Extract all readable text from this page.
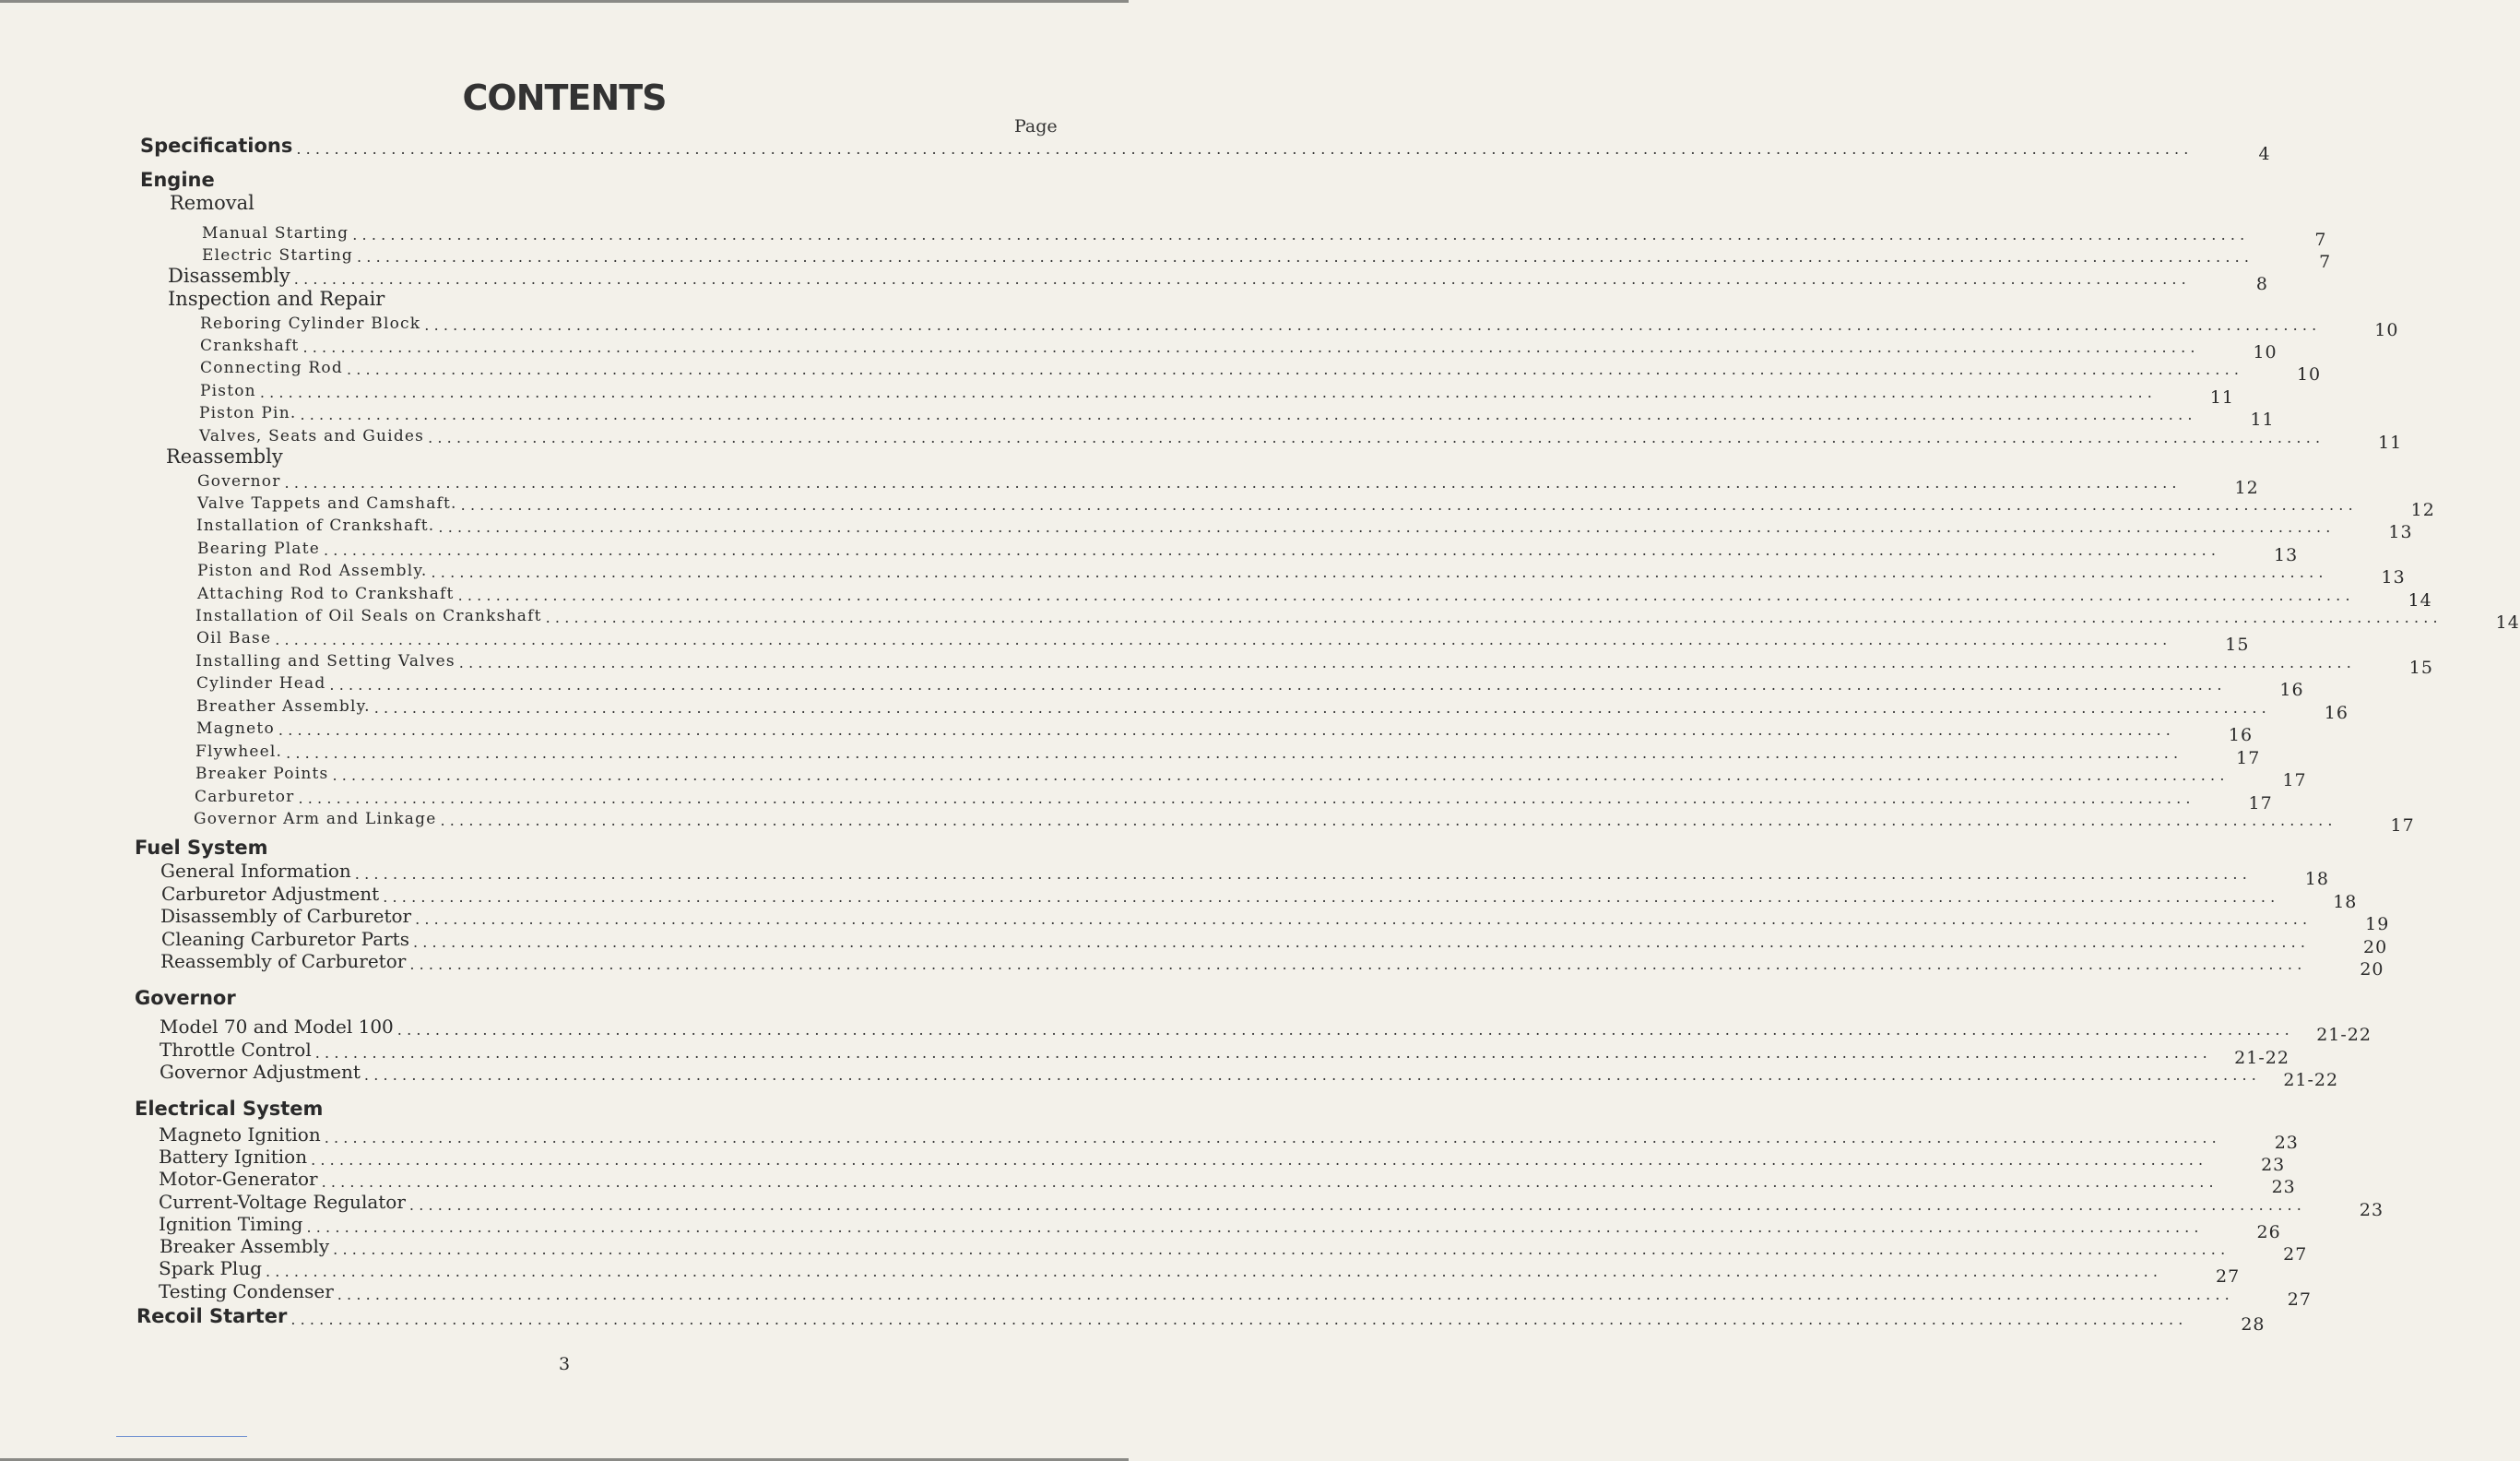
CONTENTS
Page
Specifications ........................................................................................................................................................................................................	4
Engine
Removal
Manual Starting ........................................................................................................................................................................................................	7
Electric Starting ........................................................................................................................................................................................................	7
Disassembly ........................................................................................................................................................................................................	8
Inspection and Repair
Reboring Cylinder Block ........................................................................................................................................................................................................	10
Crankshaft ........................................................................................................................................................................................................	10
Connecting Rod ........................................................................................................................................................................................................	10
Piston ........................................................................................................................................................................................................	11
Piston Pin. ........................................................................................................................................................................................................	11
Valves, Seats and Guides ........................................................................................................................................................................................................	11
Reassembly
Governor ........................................................................................................................................................................................................	12
Valve Tappets and Camshaft. ........................................................................................................................................................................................................	12
Installation of Crankshaft. ........................................................................................................................................................................................................	13
Bearing Plate ........................................................................................................................................................................................................	13
Piston and Rod Assembly. ........................................................................................................................................................................................................	13
Attaching Rod to Crankshaft ........................................................................................................................................................................................................	14
Installation of Oil Seals on Crankshaft ........................................................................................................................................................................................................	14
Oil Base ........................................................................................................................................................................................................	15
Installing and Setting Valves ........................................................................................................................................................................................................	15
Cylinder Head ........................................................................................................................................................................................................	16
Breather Assembly. ........................................................................................................................................................................................................	16
Magneto ........................................................................................................................................................................................................	16
Flywheel. ........................................................................................................................................................................................................	17
Breaker Points ........................................................................................................................................................................................................	17
Carburetor ........................................................................................................................................................................................................	17
Governor Arm and Linkage ........................................................................................................................................................................................................	17
Fuel System
General Information ........................................................................................................................................................................................................	18
Carburetor Adjustment ........................................................................................................................................................................................................	18
Disassembly of Carburetor ........................................................................................................................................................................................................	19
Cleaning Carburetor Parts ........................................................................................................................................................................................................	20
Reassembly of Carburetor ........................................................................................................................................................................................................	20
Governor
Model 70 and Model 100 ........................................................................................................................................................................................................	21-22
Throttle Control ........................................................................................................................................................................................................	21-22
Governor Adjustment ........................................................................................................................................................................................................	21-22
Electrical System
Magneto Ignition ........................................................................................................................................................................................................	23
Battery Ignition ........................................................................................................................................................................................................	23
Motor-Generator ........................................................................................................................................................................................................	23
Current-Voltage Regulator ........................................................................................................................................................................................................	23
Ignition Timing ........................................................................................................................................................................................................	26
Breaker Assembly ........................................................................................................................................................................................................	27
Spark Plug ........................................................................................................................................................................................................	27
Testing Condenser ........................................................................................................................................................................................................	27
Recoil Starter ........................................................................................................................................................................................................	28
3
